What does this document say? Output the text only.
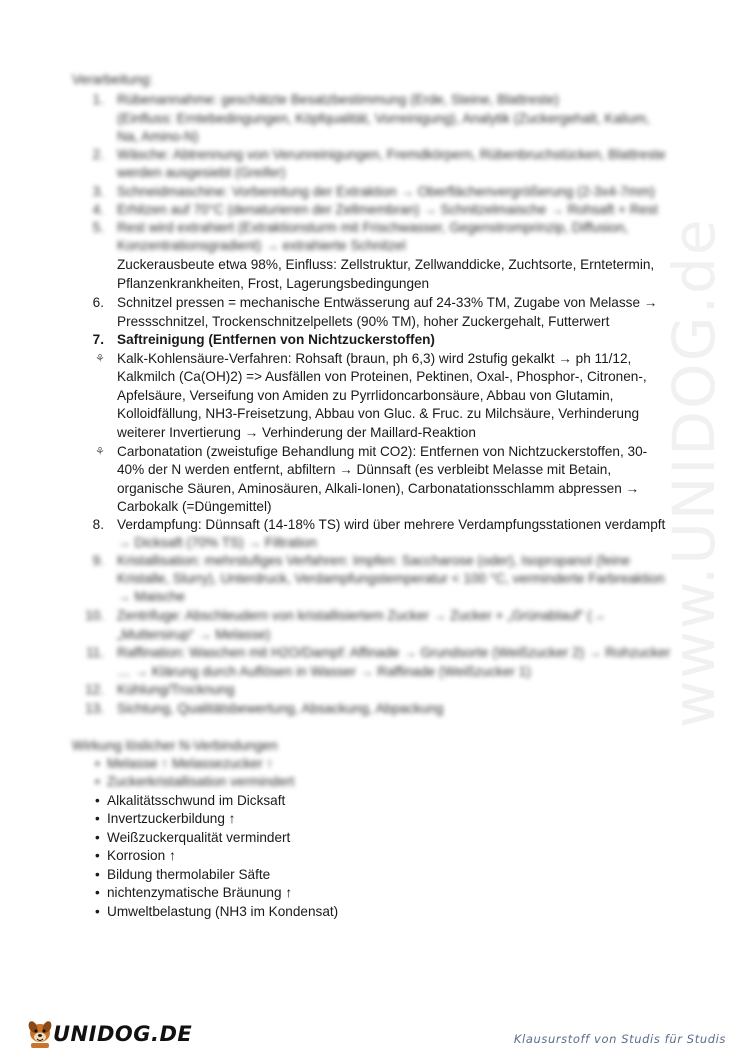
www.UNIDOG.de
Verarbeitung:
1. Rübenannahme: geschätzte Besatzbestimmung (Erde, Steine, Blattreste)
(Einfluss: Erntebedingungen, Köpfqualität, Vorreinigung), Analytik (Zuckergehalt, Kalium,
Na, Amino-N)
2. Wäsche: Abtrennung von Verunreinigungen, Fremdkörpern, Rübenbruchstücken, Blattreste
werden ausgesiebt (Greifer)
3. Schneidmaschine: Vorbereitung der Extraktion → Oberflächenvergrößerung (2-3x4-7mm)
4. Erhitzen auf 70°C (denaturieren der Zellmembran) → Schnitzelmaische → Rohsaft + Rest
5. Rest wird extrahiert (Extraktionsturm mit Frischwasser, Gegenstromprinzip, Diffusion,
Konzentrationsgradient) → extrahierte Schnitzel
Zuckerausbeute etwa 98%, Einfluss: Zellstruktur, Zellwanddicke, Zuchtsorte, Erntetermin,
Pflanzenkrankheiten, Frost, Lagerungsbedingungen
6. Schnitzel pressen = mechanische Entwässerung auf 24-33% TM, Zugabe von Melasse →
Pressschnitzel, Trockenschnitzelpellets (90% TM), hoher Zuckergehalt, Futterwert
7. Saftreinigung (Entfernen von Nichtzuckerstoffen)
⚘ Kalk-Kohlensäure-Verfahren: Rohsaft (braun, ph 6,3) wird 2stufig gekalkt → ph 11/12,
Kalkmilch (Ca(OH)2) => Ausfällen von Proteinen, Pektinen, Oxal-, Phosphor-, Citronen-,
Apfelsäure, Verseifung von Amiden zu Pyrrlidoncarbonsäure, Abbau von Glutamin,
Kolloidfällung, NH3-Freisetzung, Abbau von Gluc. & Fruc. zu Milchsäure, Verhinderung
weiterer Invertierung → Verhinderung der Maillard-Reaktion
⚘ Carbonatation (zweistufige Behandlung mit CO2): Entfernen von Nichtzuckerstoffen, 30-
40% der N werden entfernt, abfiltern → Dünnsaft (es verbleibt Melasse mit Betain,
organische Säuren, Aminosäuren, Alkali-Ionen), Carbonatationsschlamm abpressen →
Carbokalk (=Düngemittel)
8. Verdampfung: Dünnsaft (14-18% TS) wird über mehrere Verdampfungsstationen verdampft
→ Dicksaft (70% TS) → Filtration
9. Kristallisation: mehrstufiges Verfahren: Impfen: Saccharose (oder), Isopropanol (feine
Kristalle, Slurry), Unterdruck, Verdampfungstemperatur < 100 °C, verminderte Farbreaktion
→ Maische
10. Zentrifuge: Abschleudern von kristallisiertem Zucker → Zucker + „Grünablauf“ (→
„Muttersirup“ → Melasse)
11. Raffination: Waschen mit H2O/Dampf: Affinade → Grundsorte (Weißzucker 2) → Rohzucker
… → Klärung durch Auflösen in Wasser → Raffinade (Weißzucker 1)
12. Kühlung/Trocknung
13. Sichtung, Qualitätsbewertung, Absackung, Abpackung
Wirkung löslicher N-Verbindungen
• Melasse ↑ Melassezucker ↑
• Zuckerkristallisation vermindert
• Alkalitätsschwund im Dicksaft
• Invertzuckerbildung ↑
• Weißzuckerqualität vermindert
• Korrosion ↑
• Bildung thermolabiler Säfte
• nichtenzymatische Bräunung ↑
• Umweltbelastung (NH3 im Kondensat)
UNIDOG.DE	Klausurstoff von Studis für Studis
